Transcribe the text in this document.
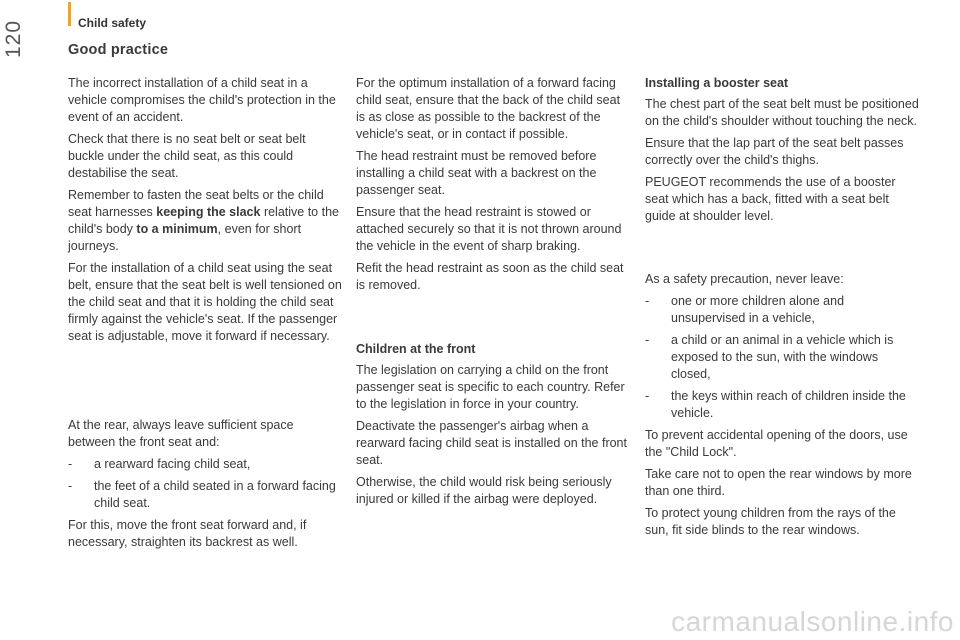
120	Child safety
Good practice

The incorrect installation of a child seat in a vehicle compromises the child's protection in the event of an accident.

Check that there is no seat belt or seat belt buckle under the child seat, as this could destabilise the seat.

Remember to fasten the seat belts or the child seat harnesses keeping the slack relative to the child's body to a minimum, even for short journeys.

For the installation of a child seat using the seat belt, ensure that the seat belt is well tensioned on the child seat and that it is holding the child seat firmly against the vehicle's seat. If the passenger seat is adjustable, move it forward if necessary.

At the rear, always leave sufficient space between the front seat and:

-	a rearward facing child seat,
-	the feet of a child seated in a forward facing child seat.

For this, move the front seat forward and, if necessary, straighten its backrest as well.

For the optimum installation of a forward facing child seat, ensure that the back of the child seat is as close as possible to the backrest of the vehicle's seat, or in contact if possible.

The head restraint must be removed before installing a child seat with a backrest on the passenger seat.

Ensure that the head restraint is stowed or attached securely so that it is not thrown around the vehicle in the event of sharp braking.

Refit the head restraint as soon as the child seat is removed.

Children at the front

The legislation on carrying a child on the front passenger seat is specific to each country. Refer to the legislation in force in your country.

Deactivate the passenger's airbag when a rearward facing child seat is installed on the front seat.

Otherwise, the child would risk being seriously injured or killed if the airbag were deployed.

Installing a booster seat

The chest part of the seat belt must be positioned on the child's shoulder without touching the neck.

Ensure that the lap part of the seat belt passes correctly over the child's thighs.

PEUGEOT recommends the use of a booster seat which has a back, fitted with a seat belt guide at shoulder level.

As a safety precaution, never leave:

-	one or more children alone and unsupervised in a vehicle,
-	a child or an animal in a vehicle which is exposed to the sun, with the windows closed,
-	the keys within reach of children inside the vehicle.

To prevent accidental opening of the doors, use the "Child Lock".

Take care not to open the rear windows by more than one third.

To protect young children from the rays of the sun, fit side blinds to the rear windows.

carmanualsonline.info
